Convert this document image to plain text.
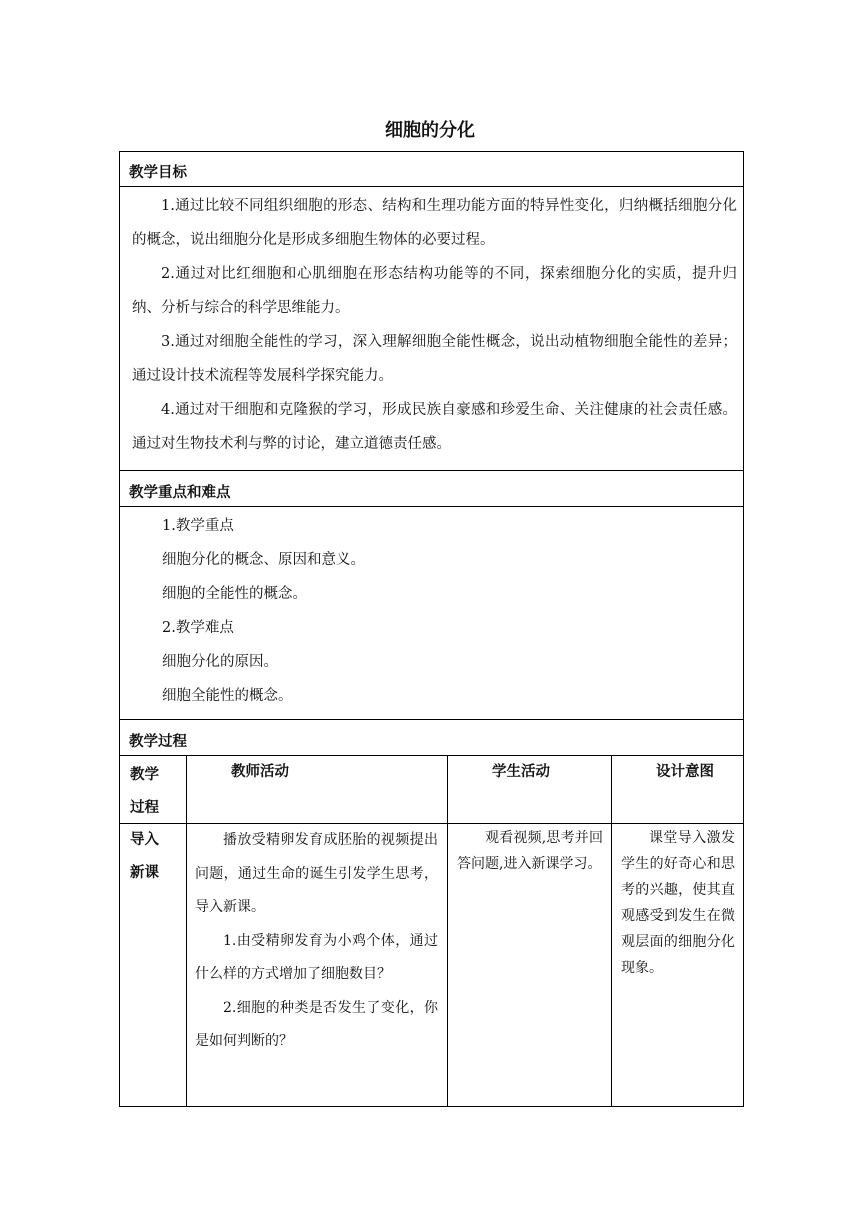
细胞的分化
教学目标

1.通过比较不同组织细胞的形态、结构和生理功能方面的特异性变化，归纳概括细胞分化的概念，说出细胞分化是形成多细胞生物体的必要过程。

2.通过对比红细胞和心肌细胞在形态结构功能等的不同，探索细胞分化的实质，提升归纳、分析与综合的科学思维能力。

3.通过对细胞全能性的学习，深入理解细胞全能性概念，说出动植物细胞全能性的差异；通过设计技术流程等发展科学探究能力。

4.通过对干细胞和克隆猴的学习，形成民族自豪感和珍爱生命、关注健康的社会责任感。通过对生物技术利与弊的讨论，建立道德责任感。

教学重点和难点

1.教学重点

细胞分化的概念、原因和意义。

细胞的全能性的概念。

2.教学难点

细胞分化的原因。

细胞全能性的概念。

教学过程
教学过程
教师活动	学生活动	设计意图
导入新课

播放受精卵发育成胚胎的视频提出问题，通过生命的诞生引发学生思考，导入新课。

1.由受精卵发育为小鸡个体，通过什么样的方式增加了细胞数目？

2.细胞的种类是否发生了变化，你是如何判断的？

观看视频,思考并回答问题,进入新课学习。

课堂导入激发学生的好奇心和思考的兴趣，使其直观感受到发生在微观层面的细胞分化现象。
